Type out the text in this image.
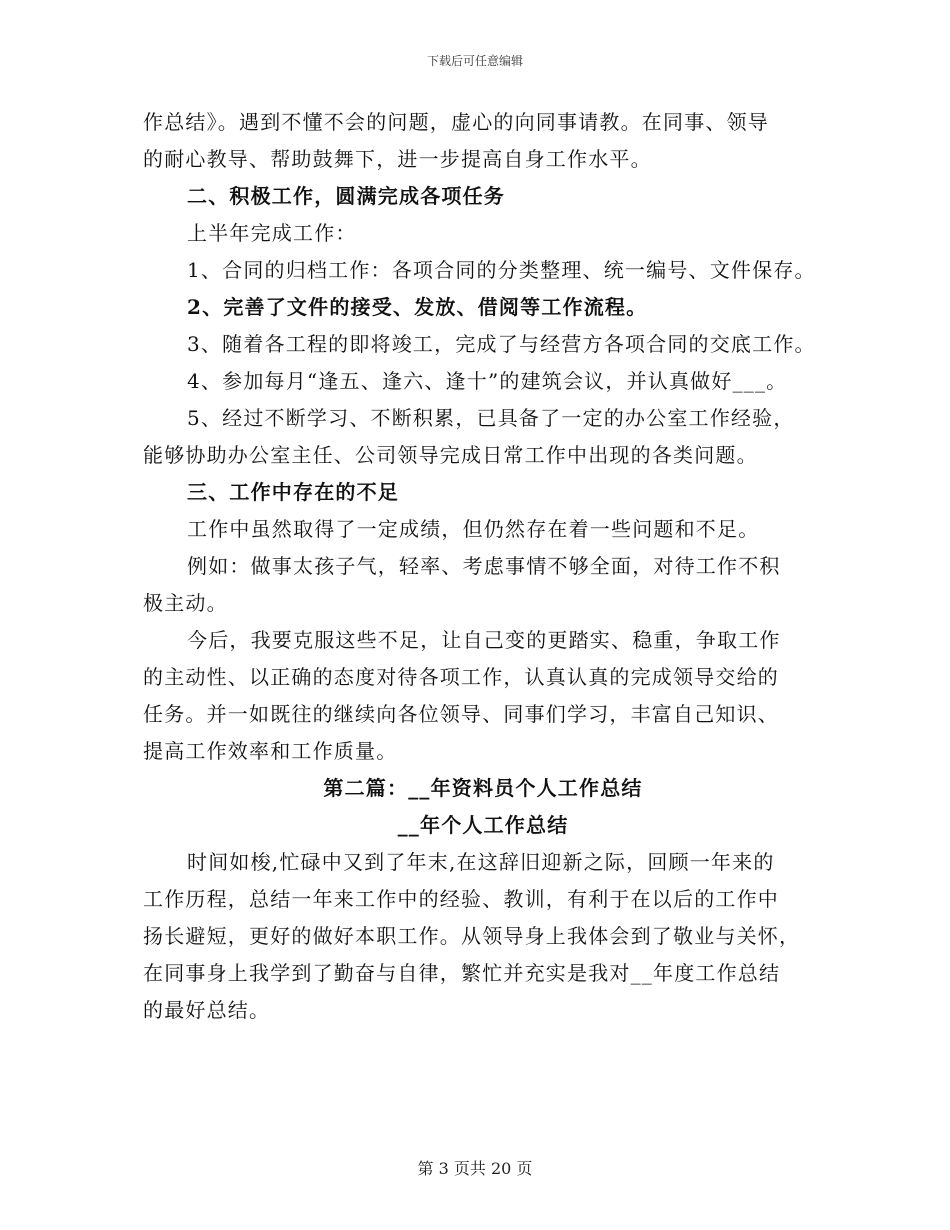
下载后可任意编辑
作总结》。遇到不懂不会的问题，虚心的向同事请教。在同事、领导
的耐心教导、帮助鼓舞下，进一步提高自身工作水平。
二、积极工作，圆满完成各项任务
上半年完成工作：
1、合同的归档工作：各项合同的分类整理、统一编号、文件保存。
2、完善了文件的接受、发放、借阅等工作流程。
3、随着各工程的即将竣工，完成了与经营方各项合同的交底工作。
4、参加每月“逢五、逢六、逢十”的建筑会议，并认真做好___。
5、经过不断学习、不断积累，已具备了一定的办公室工作经验，
能够协助办公室主任、公司领导完成日常工作中出现的各类问题。
三、工作中存在的不足
工作中虽然取得了一定成绩，但仍然存在着一些问题和不足。
例如：做事太孩子气，轻率、考虑事情不够全面，对待工作不积
极主动。
今后，我要克服这些不足，让自己变的更踏实、稳重，争取工作
的主动性、以正确的态度对待各项工作，认真认真的完成领导交给的
任务。并一如既往的继续向各位领导、同事们学习，丰富自己知识、
提高工作效率和工作质量。
第二篇：__年资料员个人工作总结
__年个人工作总结
时间如梭,忙碌中又到了年末,在这辞旧迎新之际，回顾一年来的
工作历程，总结一年来工作中的经验、教训，有利于在以后的工作中
扬长避短，更好的做好本职工作。从领导身上我体会到了敬业与关怀，
在同事身上我学到了勤奋与自律，繁忙并充实是我对__年度工作总结
的最好总结。
第 3 页共 20 页
